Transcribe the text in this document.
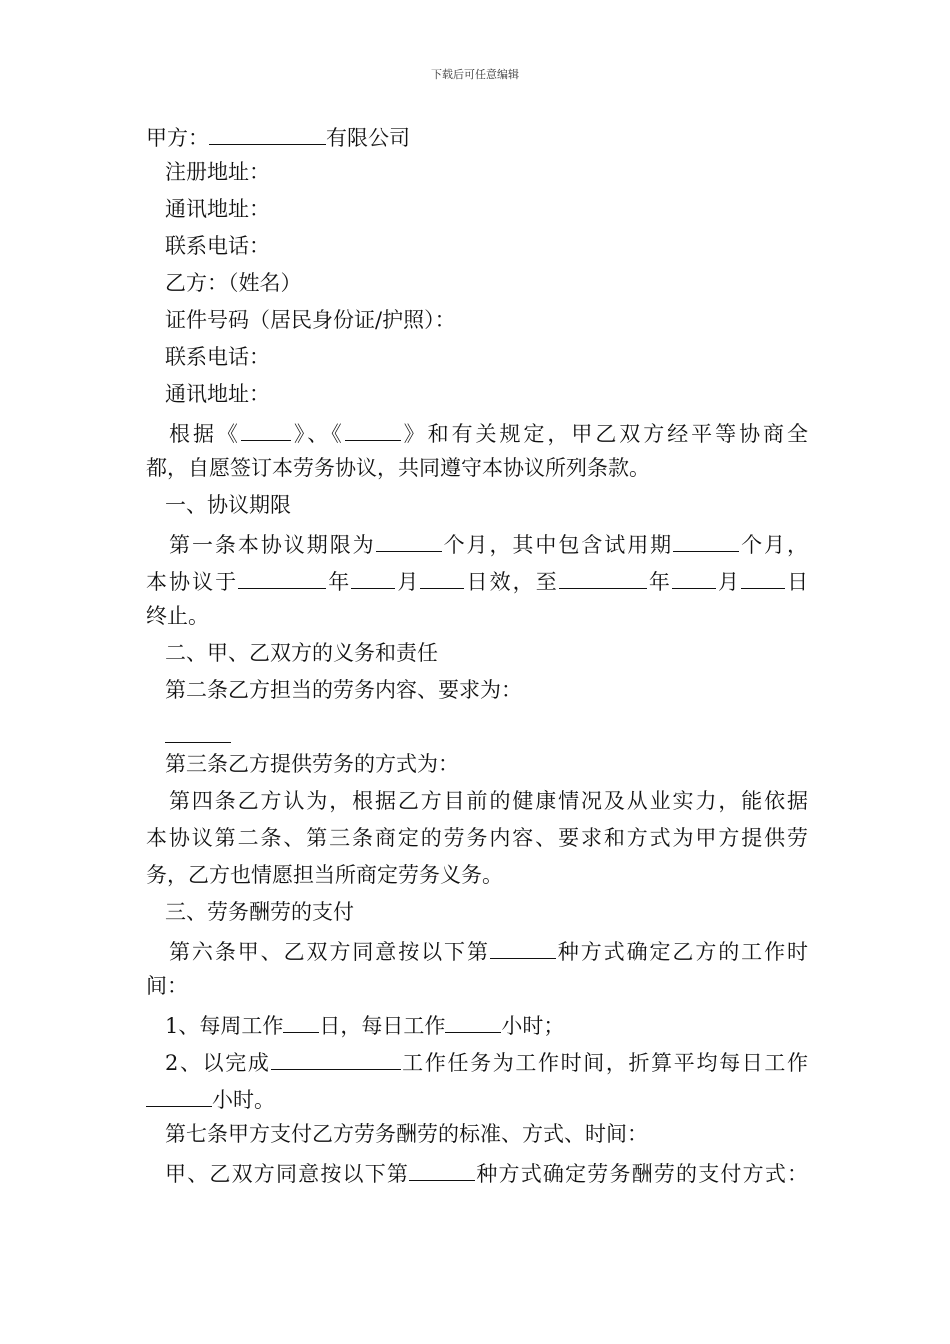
下载后可任意编辑
甲方：	有限公司
注册地址：
通讯地址：
联系电话：
乙方：（姓名）
证件号码（居民身份证/护照）：
联系电话：
通讯地址：
根据《 》、《	》和有关规定，甲乙双方经平等协商全
都，自愿签订本劳务协议，共同遵守本协议所列条款。
一、协议期限
第一条本协议期限为	个月，其中包含试用期	个月，
本协议于	年 月 日效，至	年 月 日
终止。
二、甲、乙双方的义务和责任
第二条乙方担当的劳务内容、要求为：
第三条乙方提供劳务的方式为：
第四条乙方认为，根据乙方目前的健康情况及从业实力，能依据
本协议第二条、第三条商定的劳务内容、要求和方式为甲方提供劳
务，乙方也情愿担当所商定劳务义务。
三、劳务酬劳的支付
第六条甲、乙双方同意按以下第	种方式确定乙方的工作时
间：
1、每周工作 日，每日工作	小时；
2、以完成	工作任务为工作时间，折算平均每日工作
小时。
第七条甲方支付乙方劳务酬劳的标准、方式、时间：
甲、乙双方同意按以下第	种方式确定劳务酬劳的支付方式：
